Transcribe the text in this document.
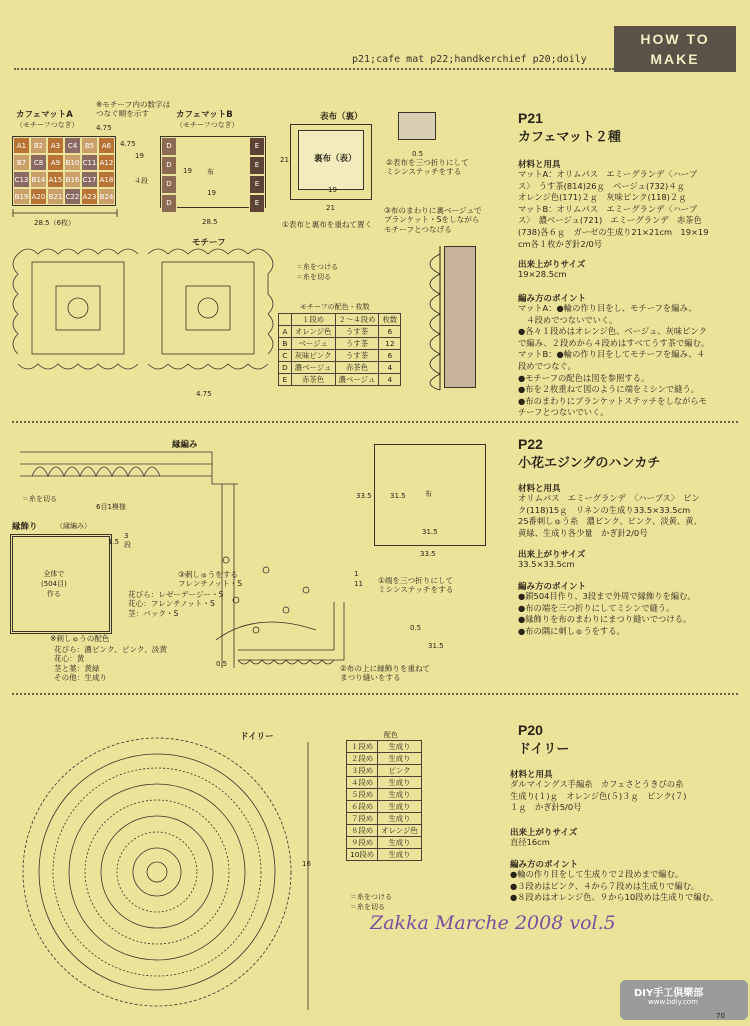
HOW TO
MAKE
p21;cafe mat p22;handkerchief p20;doily
※モチーフ内の数字は
つなぐ順を示す
カフェマットA
（モチーフつなぎ） 4.75
A1	B2	A3	C4	B5	A6
B7	C8	A9 B10 C11 A12
C13 B14 A15 B16 C17 A18
B19 A20 B21 C22 A23 B24
4.75
28.5（6枚）
19
４段
カフェマットB
（モチーフつなぎ）
D
D
D
D
E
E
E
E
布
19
19
28.5
表布（裏）
裏布（表）
21
21
19
①表布と裏布を重ねて置く
0.5
②表布を三つ折りにして
ミシンステッチをする
③布のまわりに裏ベージュで
ブランケット・Sをしながら
モチーフとつなげる
モチーフ
4.75
＝糸をつける
＝糸を切る
モチーフの配色・枚数
	１段め	２〜４段め	枚数
A	オレンジ色	うす茶	6
B	ベージュ	うす茶	12
C	灰味ピンク	うす茶	6
D	濃ベージュ	赤茶色	4
E	赤茶色	濃ベージュ	4
P21
カフェマット２種
材料と用具
マットA：オリムパス　エミーグランデ〈ハーブ
ス〉　うす茶(814)26ｇ　ベージュ(732)４ｇ
オレンジ色(171)２ｇ　灰味ピンク(118)２ｇ
マットB：オリムパス　エミーグランデ〈ハーブ
ス〉　濃ベージュ(721)　エミーグランデ　赤茶色
(738)各６ｇ　ガーゼの生成り21×21cm　19×19
cm各１枚かぎ針2/0号
出来上がりサイズ
19×28.5cm
編み方のポイント
マットA：●輪の作り目をし、モチーフを編み、
　４段めでつないでいく。
●各々１段めはオレンジ色、ベージュ、灰味ピンク
で編み、２段めから４段めはすべてうす茶で編む。
マットB：●輪の作り目をしてモチーフを編み、４
段めでつなぐ。
●モチーフの配色は図を参照する。
●布を２枚重ねて図のように端をミシンで縫う。
●布のまわりにブランケットステッチをしながらモ
チーフとつないでいく。
縁編み
＝糸を切る
6目1模様
縁飾り	（縁編み）
全体で
(504目)
作る
1.5
3
段
③刺しゅうをする
フレンチノット・S
花びら：レゼーデージー・S
花心：フレンチノット・S
茎：バック・S
※刺しゅうの配色
花びら：濃ピンク、ピンク、淡黄
花心：黄
茎と葉：黄緑
その他：生成り
布
33.5	31.5
31.5
33.5
1
11 ①端を三つ折りにして
ミシンステッチをする
0.5
31.5
0.5	②布の上に縁飾りを重ねて
まつり縫いをする
P22
小花エジングのハンカチ
材料と用具
オリムパス　エミーグランデ　〈ハーブス〉　ピン
ク(118)15ｇ　リネンの生成り33.5×33.5cm
25番刺しゅう糸　濃ピンク、ピンク、淡黄、黄、
黄緑、生成り各少量　かぎ針2/0号
出来上がりサイズ
33.5×33.5cm
編み方のポイント
●鎖504目作り、3段まで外周で縁飾りを編む。
●布の端を三つ折りにしてミシンで縫う。
●縁飾りを布のまわりにまつり縫いでつける。
●布の隅に刺しゅうをする。
ドイリー
16
配色
１段め	生成り
２段め	生成り
３段め	ピンク
４段め	生成り
５段め	生成り
６段め	生成り
７段め	生成り
８段め	オレンジ色
９段め	生成り
10段め	生成り
＝糸をつける
＝糸を切る
P20
ドイリー
材料と用具
ダルマイングス手編糸　カフェさとうきびの糸
生成り(１)ｇ　オレンジ色(５)３ｇ　ピンク(７)
１ｇ　かぎ針5/0号
出来上がりサイズ
直径16cm
編み方のポイント
●輪の作り目をして生成りで２段めまで編む。
●３段めはピンク、４から７段めは生成りで編む。
●８段めはオレンジ色、９から10段めは生成りで編む。
Zakka Marche 2008 vol.5
DIY手工俱樂部
www.bdiy.com
70
